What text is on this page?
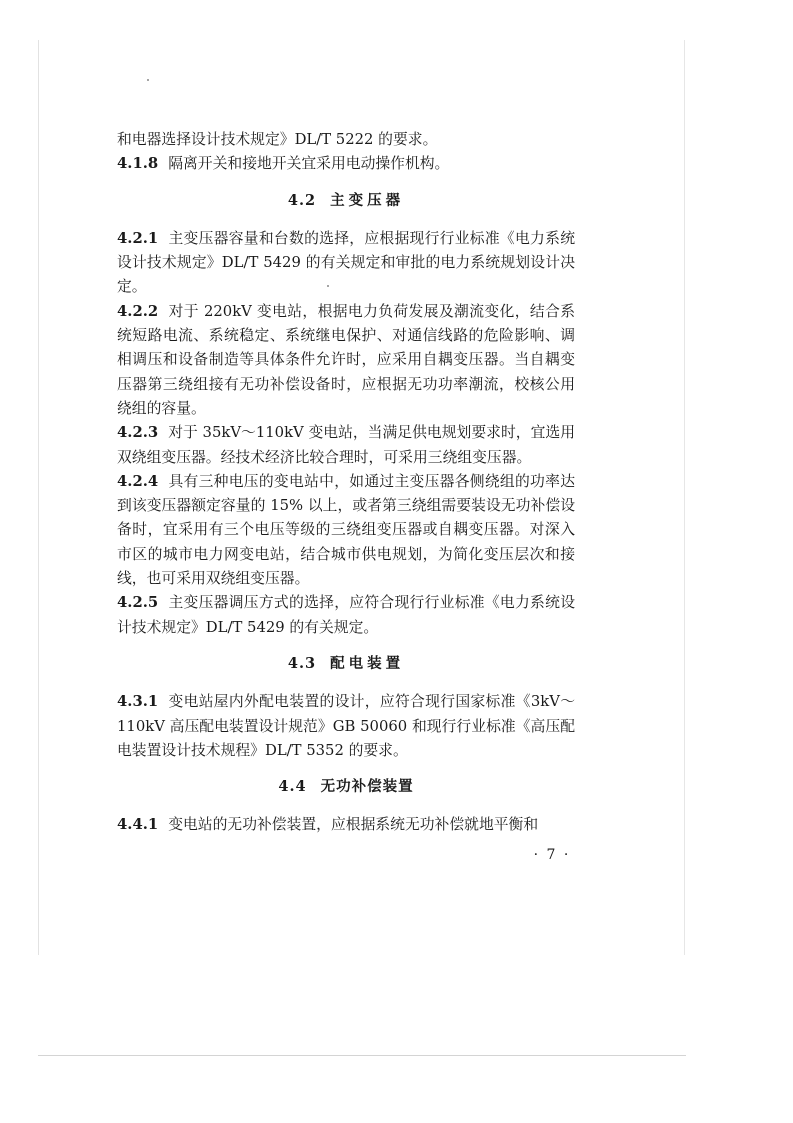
和电器选择设计技术规定》DL/T 5222 的要求。

4.1.8 隔离开关和接地开关宜采用电动操作机构。

4.2 主变压器

4.2.1 主变压器容量和台数的选择，应根据现行行业标准《电力系统设计技术规定》DL/T 5429 的有关规定和审批的电力系统规划设计决定。

4.2.2 对于 220kV 变电站，根据电力负荷发展及潮流变化，结合系统短路电流、系统稳定、系统继电保护、对通信线路的危险影响、调相调压和设备制造等具体条件允许时，应采用自耦变压器。当自耦变压器第三绕组接有无功补偿设备时，应根据无功功率潮流，校核公用绕组的容量。

4.2.3 对于 35kV～110kV 变电站，当满足供电规划要求时，宜选用双绕组变压器。经技术经济比较合理时，可采用三绕组变压器。

4.2.4 具有三种电压的变电站中，如通过主变压器各侧绕组的功率达到该变压器额定容量的 15% 以上，或者第三绕组需要装设无功补偿设备时，宜采用有三个电压等级的三绕组变压器或自耦变压器。对深入市区的城市电力网变电站，结合城市供电规划，为简化变压层次和接线，也可采用双绕组变压器。

4.2.5 主变压器调压方式的选择，应符合现行行业标准《电力系统设计技术规定》DL/T 5429 的有关规定。

4.3 配电装置

4.3.1 变电站屋内外配电装置的设计，应符合现行国家标准《3kV～110kV 高压配电装置设计规范》GB 50060 和现行行业标准《高压配电装置设计技术规程》DL/T 5352 的要求。

4.4 无功补偿装置

4.4.1 变电站的无功补偿装置，应根据系统无功补偿就地平衡和

· 7 ·
